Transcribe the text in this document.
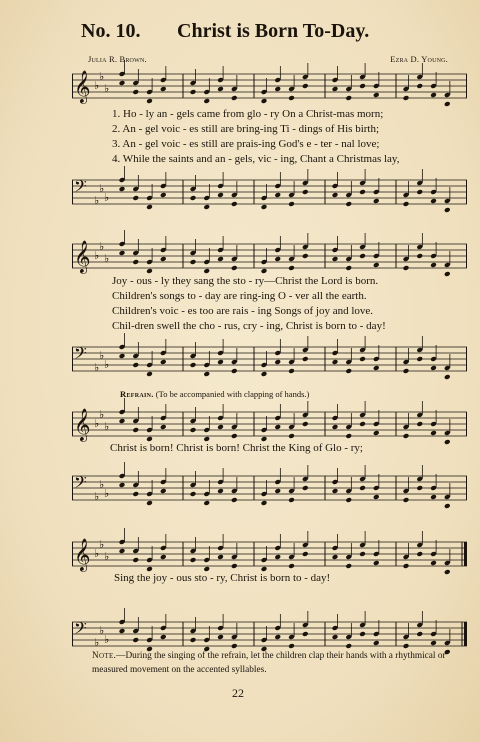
No. 10. Christ is Born To-Day.
Julia R. Brown.	Ezra D. Young.
𝄞 ♭
♭
♭
1. Ho - ly an - gels came from glo - ry On a Christ-mas morn;
2. An - gel voic - es still are bring-ing Ti - dings of His birth;
3. An - gel voic - es still are prais-ing God's e - ter - nal love;
4. While the saints and an - gels, vic - ing, Chant a Christmas lay,
𝄢
♭
♭
♭
𝄞 ♭
♭
♭
Joy - ous - ly they sang the sto - ry—Christ the Lord is born.
Children's songs to - day are ring-ing O - ver all the earth.
Children's voic - es too are rais - ing Songs of joy and love.
Chil-dren swell the cho - rus, cry - ing, Christ is born to - day!
𝄢
♭
♭
♭
Refrain. (To be accompanied with clapping of hands.)
𝄞 ♭
♭
♭
Christ is born! Christ is born! Christ the King of Glo - ry;
𝄢
♭
♭
♭
𝄞 ♭
♭
♭
Sing the joy - ous sto - ry, Christ is born to - day!
𝄢
♭
♭
♭
Note.—During the singing of the refrain, let the children clap their hands with a rhythmical or measured movement on the accented syllables.
22
